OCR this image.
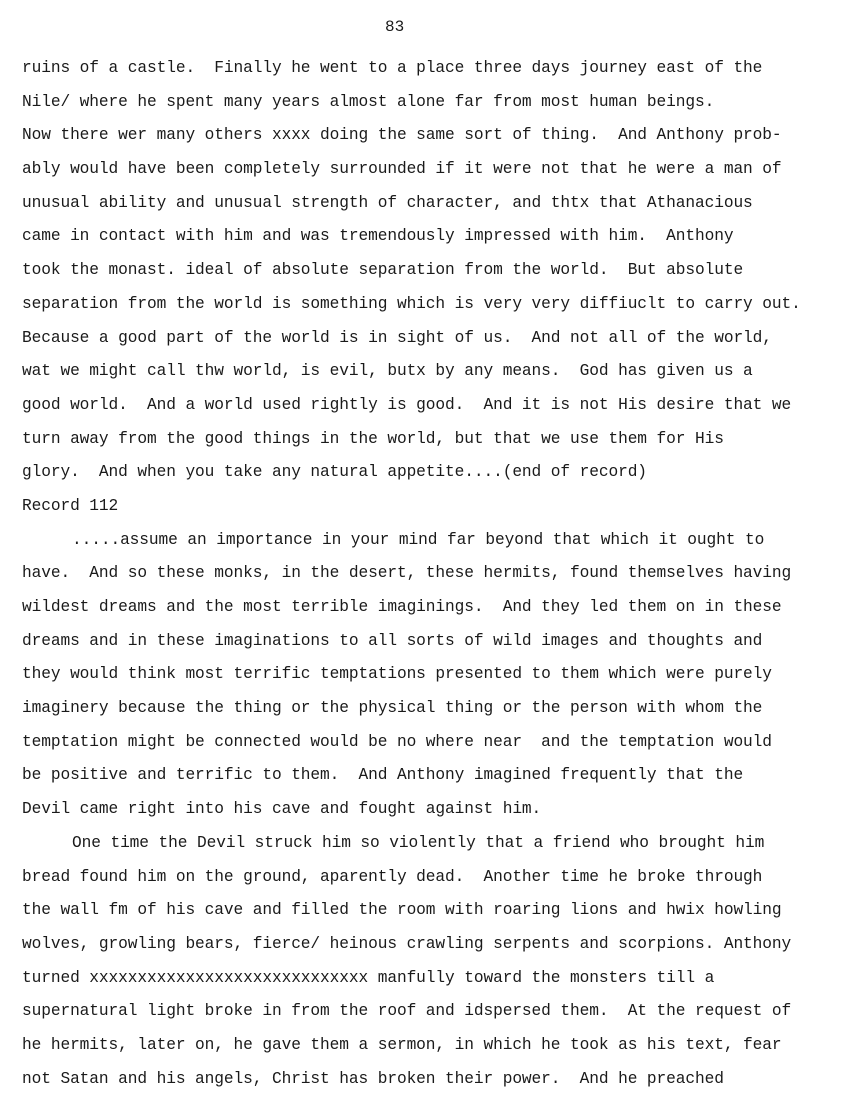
83
ruins of a castle.  Finally he went to a place three days journey east of the
Nile/ where he spent many years almost alone far from most human beings.
Now there wer many others xxxx doing the same sort of thing.  And Anthony prob-
ably would have been completely surrounded if it were not that he were a man of
unusual ability and unusual strength of character, and thtx that Athanacious
came in contact with him and was tremendously impressed with him.  Anthony
took the monast. ideal of absolute separation from the world.  But absolute
separation from the world is something which is very very diffiuclt to carry out.
Because a good part of the world is in sight of us.  And not all of the world,
wat we might call thw world, is evil, butx by any means.  God has given us a
good world.  And a world used rightly is good.  And it is not His desire that we
turn away from the good things in the world, but that we use them for His
glory.  And when you take any natural appetite....(end of record)
Record 112
.....assume an importance in your mind far beyond that which it ought to
have.  And so these monks, in the desert, these hermits, found themselves having
wildest dreams and the most terrible imaginings.  And they led them on in these
dreams and in these imaginations to all sorts of wild images and thoughts and
they would think most terrific temptations presented to them which were purely
imaginery because the thing or the physical thing or the person with whom the
temptation might be connected would be no where near  and the temptation would
be positive and terrific to them.  And Anthony imagined frequently that the
Devil came right into his cave and fought against him.
One time the Devil struck him so violently that a friend who brought him
bread found him on the ground, aparently dead.  Another time he broke through
the wall fm of his cave and filled the room with roaring lions and hwix howling
wolves, growling bears, fierce/ heinous crawling serpents and scorpions. Anthony
turned xxxxxxxxxxxxxxxxxxxxxxxxxxxxx manfully toward the monsters till a
supernatural light broke in from the roof and idspersed them.  At the request of
he hermits, later on, he gave them a sermon, in which he took as his text, fear
not Satan and his angels, Christ has broken their power.  And he preached
